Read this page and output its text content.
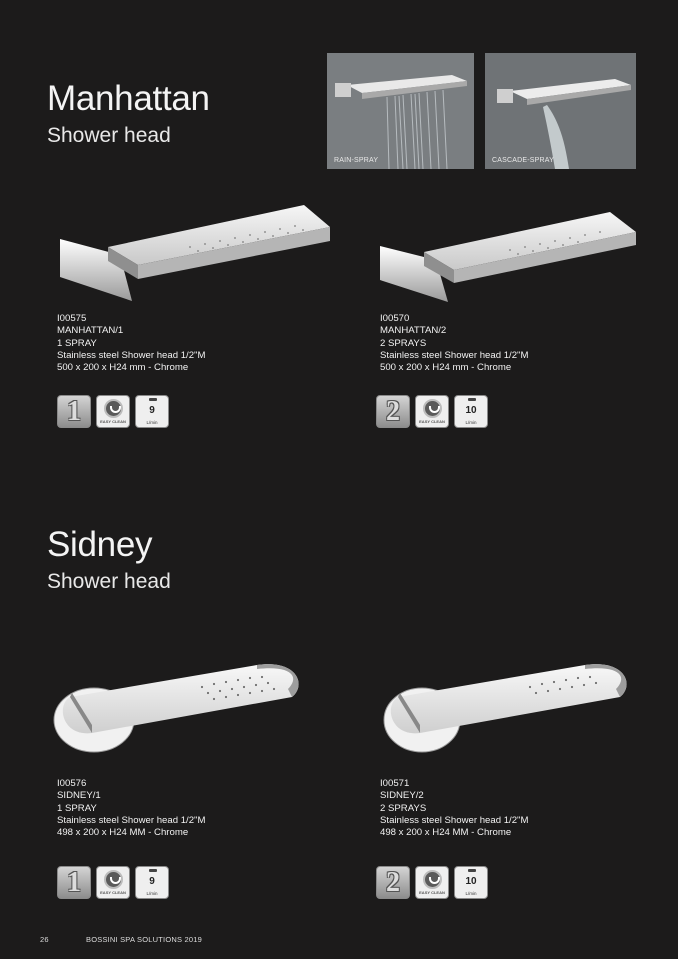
Manhattan
Shower head
RAIN-SPRAY	CASCADE-SPRAY
I00575
MANHATTAN/1
1 SPRAY
Stainless steel Shower head 1/2"M
500 x 200 x H24 mm - Chrome
I00570
MANHATTAN/2
2 SPRAYS
Stainless steel Shower head 1/2"M
500 x 200 x H24 mm - Chrome
1	EASY CLEAN
9
L/min	2	EASY CLEAN
10
L/min
Sidney
Shower head
I00576
SIDNEY/1
1 SPRAY
Stainless steel Shower head 1/2"M
498 x 200 x H24 MM - Chrome
I00571
SIDNEY/2
2 SPRAYS
Stainless steel Shower head 1/2"M
498 x 200 x H24 MM - Chrome
1	EASY CLEAN
9
L/min	2	EASY CLEAN
10
L/min
26	BOSSINI SPA SOLUTIONS 2019
